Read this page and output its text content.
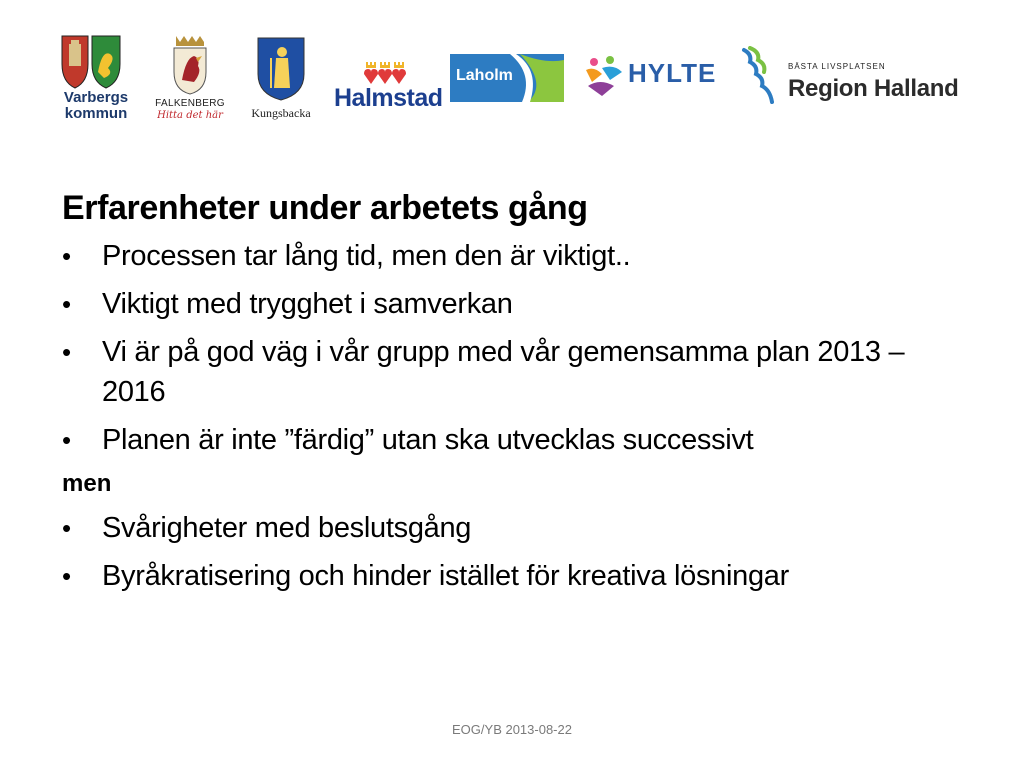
Varbergs
kommun
FALKENBERG
Hitta det här	Kungsbacka
Halmstad
Laholm	HYLTE	BÄSTA LIVSPLATSEN
Region Halland
Erfarenheter under arbetets gång
• Processen tar lång tid, men den är viktigt..
• Viktigt med trygghet i samverkan
• Vi är på god väg i vår grupp med vår gemensamma plan 2013 – 2016
• Planen är inte ”färdig” utan ska utvecklas successivt
men
• Svårigheter med beslutsgång
• Byråkratisering och hinder istället för kreativa lösningar
EOG/YB 2013-08-22
